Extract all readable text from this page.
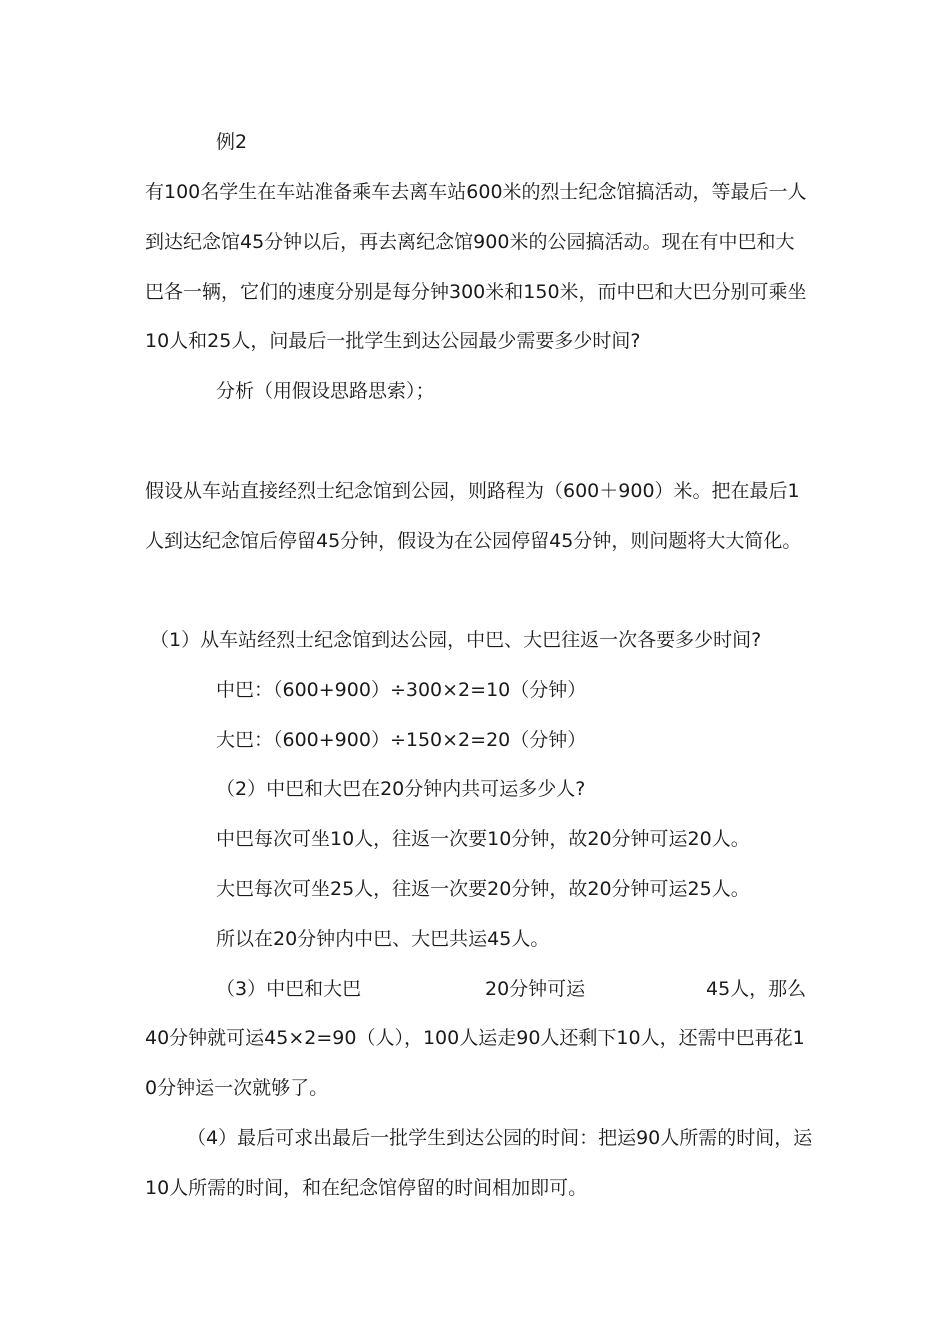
例2

有100名学生在车站准备乘车去离车站600米的烈士纪念馆搞活动，等最后一人

到达纪念馆45分钟以后，再去离纪念馆900米的公园搞活动。现在有中巴和大

巴各一辆，它们的速度分别是每分钟300米和150米，而中巴和大巴分别可乘坐

10人和25人，问最后一批学生到达公园最少需要多少时间?

分析（用假设思路思索）；

假设从车站直接经烈士纪念馆到公园，则路程为（600＋900）米。把在最后1

人到达纪念馆后停留45分钟，假设为在公园停留45分钟，则问题将大大简化。

（1）从车站经烈士纪念馆到达公园，中巴、大巴往返一次各要多少时间?

中巴：（600+900）÷300×2=10（分钟）

大巴：（600+900）÷150×2=20（分钟）

（2）中巴和大巴在20分钟内共可运多少人?

中巴每次可坐10人，往返一次要10分钟，故20分钟可运20人。

大巴每次可坐25人，往返一次要20分钟，故20分钟可运25人。

所以在20分钟内中巴、大巴共运45人。

（3）中巴和大巴	20分钟可运	45人，那么

40分钟就可运45×2=90（人），100人运走90人还剩下10人，还需中巴再花1

0分钟运一次就够了。

（4）最后可求出最后一批学生到达公园的时间：把运90人所需的时间，运

10人所需的时间，和在纪念馆停留的时间相加即可。
